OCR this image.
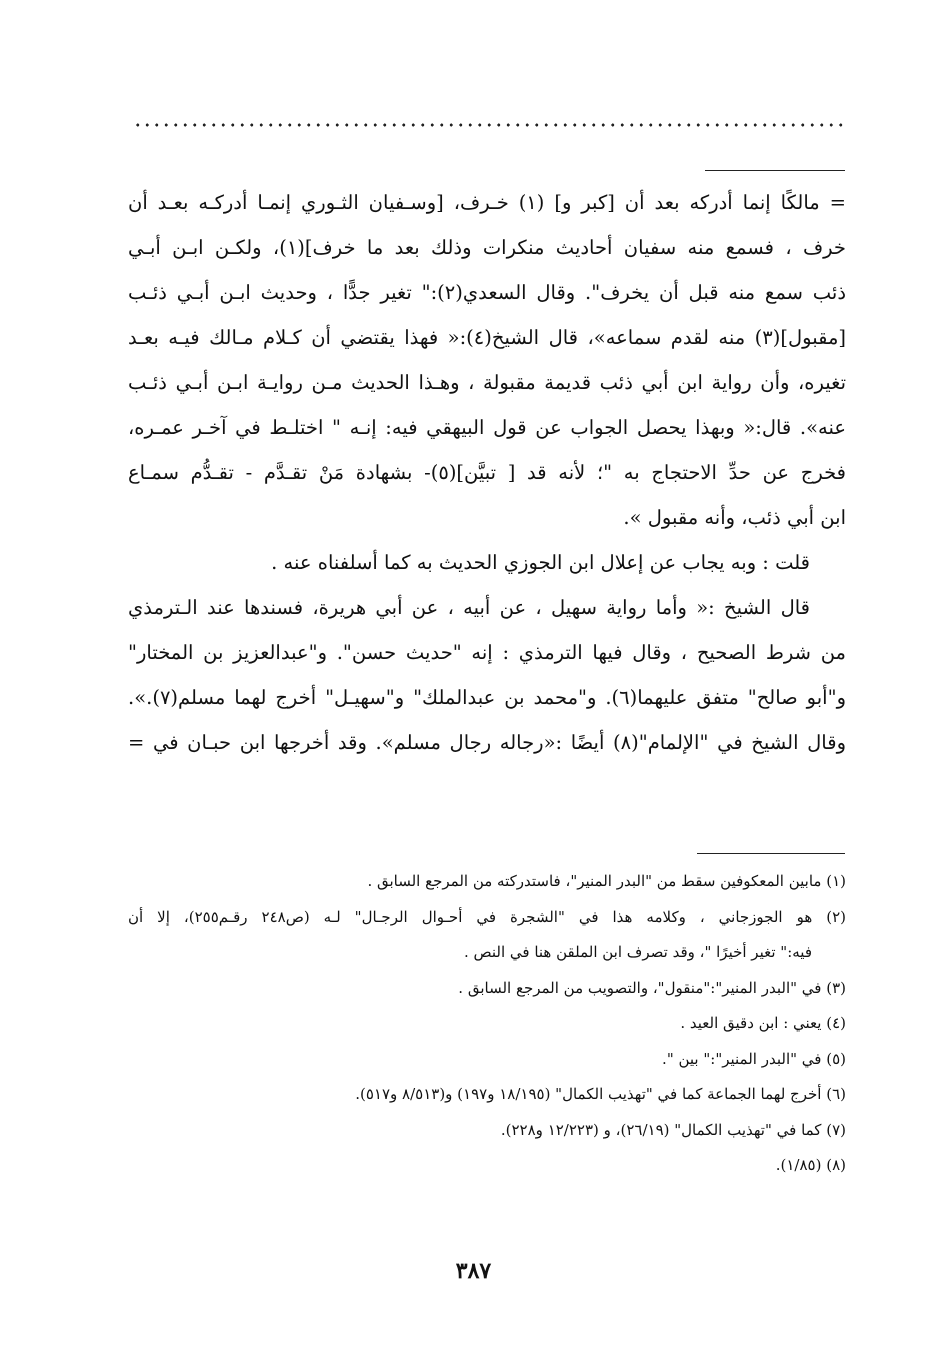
= مالكًا إنما أدركه بعد أن [كبر و] (١) خـرف، [وسـفيان الثـوري إنمـا أدركـه بعـد أن
خرف ، فسمع منه سفيان أحاديث منكرات وذلك بعد ما خرف](١)، ولكـن ابـن أبـي
ذئب سمع منه قبل أن يخرف". وقال السعدي(٢):" تغير جدًّا ، وحديث ابـن أبـي ذئـب
[مقبول](٣) منه لقدم سماعه»، قال الشيخ(٤):« فهذا يقتضي أن كـلام مـالك فيـه بعـد
تغيره، وأن رواية ابن أبي ذئب قديمة مقبولة ، وهـذا الحديث مـن روايـة ابـن أبـي ذئـب
عنه». قال:« وبهذا يحصل الجواب عن قول البيهقي فيه: إنـه " اختلـط في آخـر عمـره،
فخرج عن حدِّ الاحتجاج به "؛ لأنه قد [ تبيَّن](٥)- بشهادة مَنْ تقـدَّم - تقـدُّم سمـاع
ابن أبي ذئب، وأنه مقبول ».
قلت : وبه يجاب عن إعلال ابن الجوزي الحديث به كما أسلفناه عنه .
قال الشيخ :« وأما رواية سهيل ، عن أبيه ، عن أبي هريرة، فسندها عند الـترمذي
من شرط الصحيح ، وقال فيها الترمذي : إنه "حديث حسن". و"عبدالعزيز بن المختار"
و"أبو صالح" متفق عليهما(٦). و"محمد بن عبدالملك" و"سهيـل" أخرج لهما مسلم(٧).».
وقال الشيخ في "الإلمام"(٨) أيضًا :«رجاله رجال مسلم». وقد أخرجها ابن حبـان في =
(١) مابين المعكوفين سقط من "البدر المنير"، فاستدركته من المرجع السابق .
(٢) هو الجوزجاني ، وكلامه هذا في "الشجرة في أحـوال الرجـال" لـه (ص٢٤٨ رقـم٢٥٥)، إلا أن
فيه:" تغير أخيرًا "، وقد تصرف ابن الملقن هنا في النص .
(٣) في "البدر المنير":"منقول"، والتصويب من المرجع السابق .
(٤) يعني : ابن دقيق العيد .
(٥) في "البدر المنير":" بين ".
(٦) أخرج لهما الجماعة كما في "تهذيب الكمال" (١٨/١٩٥ و١٩٧) و(٨/٥١٣ و٥١٧).
(٧) كما في "تهذيب الكمال" (٢٦/١٩)، و (١٢/٢٢٣ و٢٢٨).
(٨) (١/٨٥).
٣٨٧
